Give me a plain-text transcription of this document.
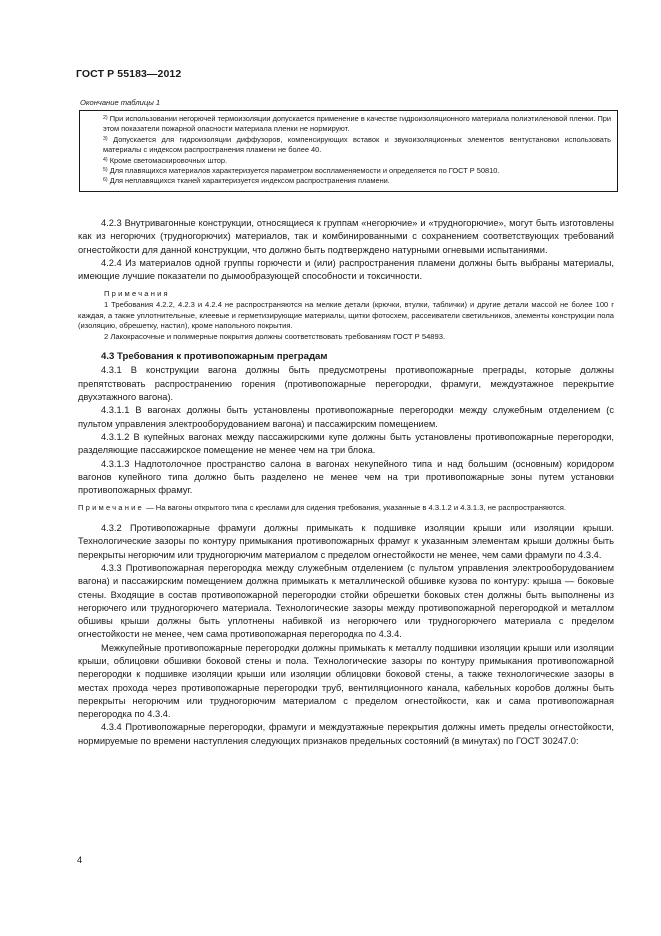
ГОСТ Р 55183—2012
Окончание таблицы 1

$^{2)}$ При использовании негорючей термоизоляции допускается применение в качестве гидроизоляционного материала полиэтиленовой пленки. При этом показатели пожарной опасности материала пленки не нормируют.

$^{3)}$ Допускается для гидроизоляции диффузоров, компенсирующих вставок и звукоизоляционных элементов вентустановки использовать материалы с индексом распространения пламени не более 40.

$^{4)}$ Кроме светомаскировочных штор.

$^{5)}$ Для плавящихся материалов характеризуется параметром воспламеняемости и определяется по ГОСТ Р 50810.

$^{6)}$ Для неплавящихся тканей характеризуется индексом распространения пламени.

4.2.3 Внутривагонные конструкции, относящиеся к группам «негорючие» и «трудногорючие», могут быть изготовлены как из негорючих (трудногорючих) материалов, так и комбинированными с сохранением соответствующих требований огнестойкости для данной конструкции, что должно быть подтверждено натурными огневыми испытаниями.

4.2.4 Из материалов одной группы горючести и (или) распространения пламени должны быть выбраны материалы, имеющие лучшие показатели по дымообразующей способности и токсичности.

Примечания

1 Требования 4.2.2, 4.2.3 и 4.2.4 не распространяются на мелкие детали (крючки, втулки, таблички) и другие детали массой не более 100 г каждая, а также уплотнительные, клеевые и герметизирующие материалы, щитки фотосхем, рассеиватели светильников, элементы конструкции пола (изоляцию, обрешетку, настил), кроме напольного покрытия.

2 Лакокрасочные и полимерные покрытия должны соответствовать требованиям ГОСТ Р 54893.

4.3 Требования к противопожарным преградам

4.3.1 В конструкции вагона должны быть предусмотрены противопожарные преграды, которые должны препятствовать распространению горения (противопожарные перегородки, фрамуги, междуэтажное перекрытие двухэтажного вагона).

4.3.1.1 В вагонах должны быть установлены противопожарные перегородки между служебным отделением (с пультом управления электрооборудованием вагона) и пассажирским помещением.

4.3.1.2 В купейных вагонах между пассажирскими купе должны быть установлены противопожарные перегородки, разделяющие пассажирское помещение не менее чем на три блока.

4.3.1.3 Надпотолочное пространство салона в вагонах некупейного типа и над большим (основным) коридором вагонов купейного типа должно быть разделено не менее чем на три противопожарные зоны путем установки противопожарных фрамуг.

Примечание — На вагоны открытого типа с креслами для сидения требования, указанные в 4.3.1.2 и 4.3.1.3, не распространяются.

4.3.2 Противопожарные фрамуги должны примыкать к подшивке изоляции крыши или изоляции крыши. Технологические зазоры по контуру примыкания противопожарных фрамуг к указанным элементам крыши должны быть перекрыты негорючим или трудногорючим материалом с пределом огнестойкости не менее, чем сами фрамуги по 4.3.4.

4.3.3 Противопожарная перегородка между служебным отделением (с пультом управления электрооборудованием вагона) и пассажирским помещением должна примыкать к металлической обшивке кузова по контуру: крыша — боковые стены. Входящие в состав противопожарной перегородки стойки обрешетки боковых стен должны быть выполнены из негорючего или трудногорючего материала. Технологические зазоры между противопожарной перегородкой и металлом обшивы крыши должны быть уплотнены набивкой из негорючего или трудногорючего материала с пределом огнестойкости не менее, чем сама противопожарная перегородка по 4.3.4.

Межкупейные противопожарные перегородки должны примыкать к металлу подшивки изоляции крыши или изоляции крыши, облицовки обшивки боковой стены и пола. Технологические зазоры по контуру примыкания противопожарной перегородки к подшивке изоляции крыши или изоляции облицовки боковой стены, а также технологические зазоры в местах прохода через противопожарные перегородки труб, вентиляционного канала, кабельных коробов должны быть перекрыты негорючим или трудногорючим материалом с пределом огнестойкости, как и сама противопожарная перегородка по 4.3.4.

4.3.4 Противопожарные перегородки, фрамуги и междуэтажные перекрытия должны иметь пределы огнестойкости, нормируемые по времени наступления следующих признаков предельных состояний (в минутах) по ГОСТ 30247.0:

4
